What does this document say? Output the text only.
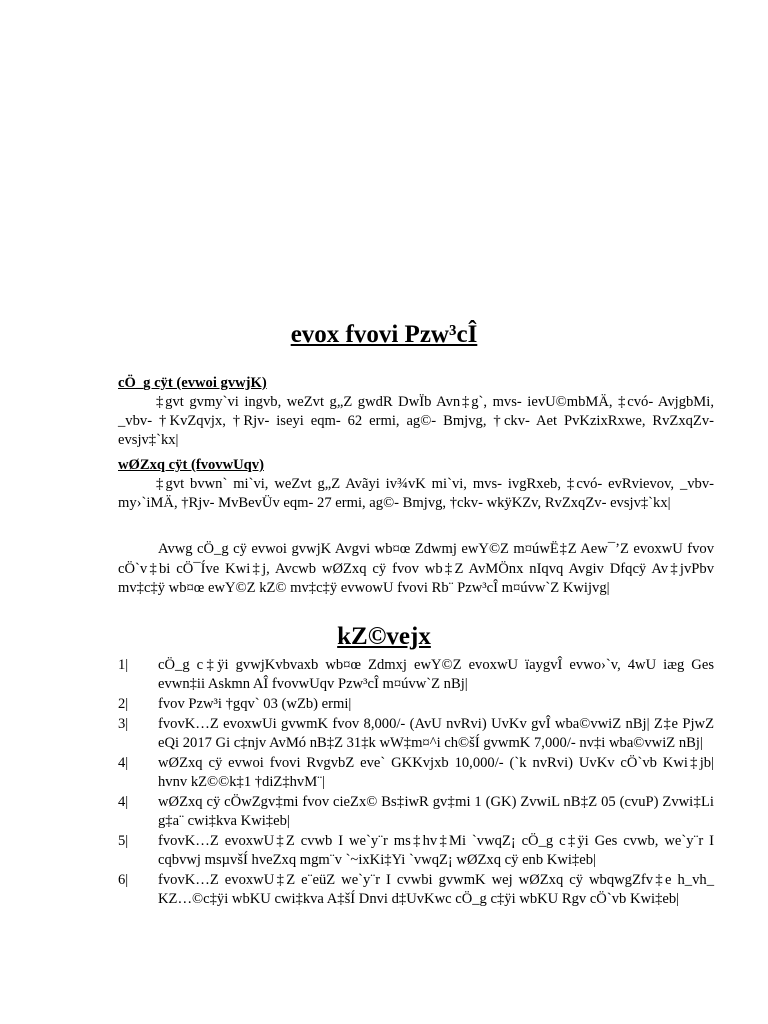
evox fvovi Pzw³cÎ
cÖ_g cÿt (evwoi gvwjK)

‡gvt gvmy`vi ingvb, weZvt g„Z gwdR DwÏb Avn‡g`, mvs- ievU©mbMÄ, ‡cvó- AvjgbMi, _vbv- †KvZqvjx, †Rjv- iseyi eqm- 62 ermi, ag©- Bmjvg, †ckv- Aet PvKzixRxwe, RvZxqZv- evsjv‡`kx|

wØZxq cÿt (fvovwUqv)

‡gvt bvwn` mi`vi, weZvt g„Z Avãyi iv¾vK mi`vi, mvs- ivgRxeb, ‡cvó- evRvievov, _vbv- my›`iMÄ, †Rjv- MvBevÜv eqm- 27 ermi, ag©- Bmjvg, †ckv- wkÿKZv, RvZxqZv- evsjv‡`kx|

Avwg cÖ_g cÿ evwoi gvwjK Avgvi wb¤œ Zdwmj ewY©Z m¤úwË‡Z Aew¯’Z evoxwU fvov cÖ`v‡bi cÖ¯Íve Kwi‡j, Avcwb wØZxq cÿ fvov wb‡Z AvMÖnx nIqvq Avgiv Dfqcÿ Av‡jvPbv mv‡c‡ÿ wb¤œ ewY©Z kZ© mv‡c‡ÿ evwowU fvovi Rb¨ Pzw³cÎ m¤úvw`Z Kwijvg|

kZ©vejx
1|	cÖ_g c‡ÿi gvwjKvbvaxb wb¤œ Zdmxj ewY©Z evoxwU ïaygvÎ evwo›`v, 4wU iæg Ges evwn‡ii Askmn AÎ fvovwUqv Pzw³cÎ m¤úvw`Z nBj|
2|	fvov Pzw³i †gqv` 03 (wZb) ermi|
3|	fvovK…Z evoxwUi gvwmK fvov 8,000/- (AvU nvRvi) UvKv gvÎ wba©vwiZ nBj| Z‡e PjwZ eQi 2017 Gi c‡njv AvMó nB‡Z 31‡k wW‡m¤^i ch©šÍ gvwmK 7,000/- nv‡i wba©vwiZ nBj|
4|	wØZxq cÿ evwoi fvovi RvgvbZ eve` GKKvjxb 10,000/- (`k nvRvi) UvKv cÖ`vb Kwi‡jb| hvnv kZ©©k‡1 †diZ‡hvM¨|
4|	wØZxq cÿ cÖwZgv‡mi fvov cieZx© Bs‡iwR gv‡mi 1 (GK) ZvwiL nB‡Z 05 (cvuP) Zvwi‡Li g‡a¨ cwi‡kva Kwi‡eb|
5|	fvovK…Z evoxwU‡Z cvwb I we`y¨r ms‡hv‡Mi `vwqZ¡ cÖ_g c‡ÿi Ges cvwb, we`y¨r I cqbvwj msµvšÍ hveZxq mgm¨v `~ixKi‡Yi `vwqZ¡ wØZxq cÿ enb Kwi‡eb|
6|	fvovK…Z evoxwU‡Z e¨eüZ we`y¨r I cvwbi gvwmK wej wØZxq cÿ wbqwgZfv‡e h_vh_ KZ…©c‡ÿi wbKU cwi‡kva A‡šÍ Dnvi d‡UvKwc cÖ_g c‡ÿi wbKU Rgv cÖ`vb Kwi‡eb|
